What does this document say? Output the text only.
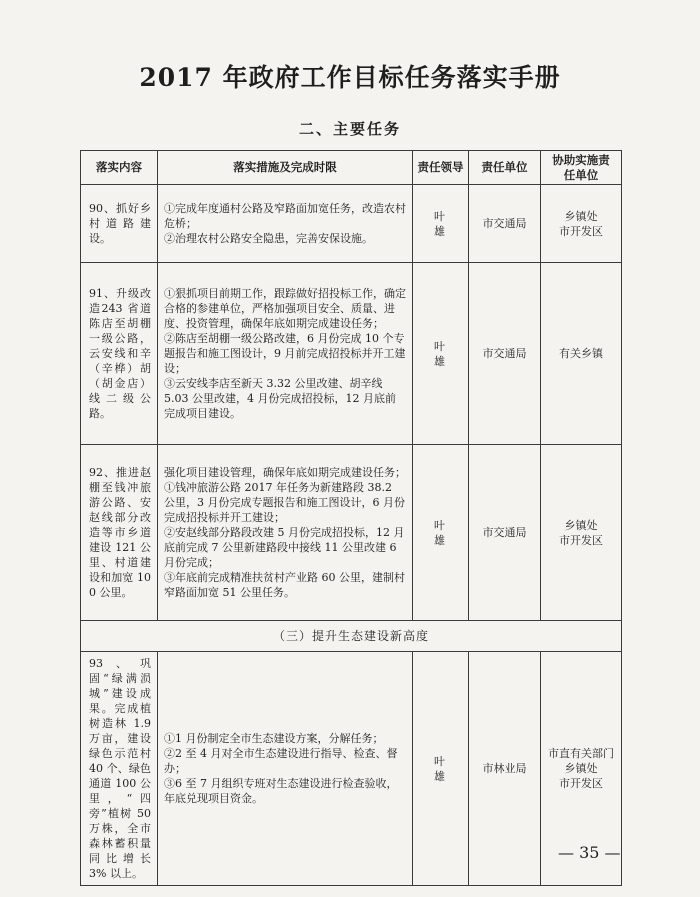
2017 年政府工作目标任务落实手册
二、主要任务
落实内容	落实措施及完成时限	责任领导	责任单位	协助实施责任单位
90、抓好乡村道路建设。	①完成年度通村公路及窄路面加宽任务，改造农村危桥；
②治理农村公路安全隐患，完善安保设施。	叶 雄	市交通局	乡镇处
市开发区

91、升级改造243 省道陈店至胡棚一级公路，云安线和辛（辛桦）胡（胡金店）线二级公路。	①狠抓项目前期工作，跟踪做好招投标工作，确定合格的参建单位，严格加强项目安全、质量、进度、投资管理，确保年底如期完成建设任务；
②陈店至胡棚一级公路改建，6 月份完成 10 个专题报告和施工图设计，9 月前完成招投标并开工建设；
③云安线李店至新天 3.32 公里改建、胡辛线 5.03 公里改建，4 月份完成招投标，12 月底前完成项目建设。	叶 雄	市交通局	有关乡镇

92、推进赵棚至钱冲旅游公路、安赵线部分改造等市乡道建设 121 公里、村道建设和加宽 100 公里。	强化项目建设管理，确保年底如期完成建设任务；
①钱冲旅游公路 2017 年任务为新建路段 38.2 公里，3 月份完成专题报告和施工图设计，6 月份完成招投标并开工建设；
②安赵线部分路段改建 5 月份完成招投标，12 月底前完成 7 公里新建路段中接线 11 公里改建 6 月份完成；
③年底前完成精准扶贫村产业路 60 公里，建制村窄路面加宽 51 公里任务。	叶 雄	市交通局	乡镇处
市开发区

（三）提升生态建设新高度				
93、巩固“绿满涢城”建设成果。完成植树造林 1.9 万亩，建设绿色示范村 40 个、绿色通道 100 公里，“四旁”植树 50 万株，全市森林蓄积量同比增长 3% 以上。	①1 月份制定全市生态建设方案，分解任务；
②2 至 4 月对全市生态建设进行指导、检查、督办；
③6 至 7 月组织专班对生态建设进行检查验收，年底兑现项目资金。	叶 雄	市林业局	市直有关部门
乡镇处
市开发区
— 35 —
